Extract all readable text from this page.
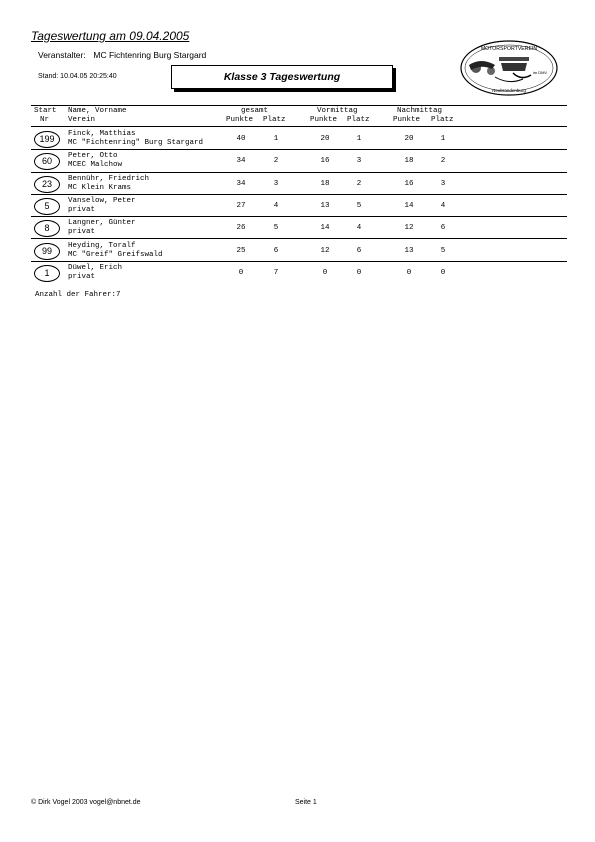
Tageswertung am 09.04.2005
Veranstalter: MC Fichtenring Burg Stargard
Stand: 10.04.05 20:25:40	Klasse 3 Tageswertung
MOTORSPORTVEREIN
Neubrandenburg
im DMV
Start
Nr
Name, Vorname
Verein
gesamt
Punkte Platz
Vormittag
Punkte Platz
Nachmittag
Punkte Platz
199	Finck, Matthias
MC "Fichtenring" Burg Stargard	40	1	20	1	20	1
60	Peter, Otto
MCEC Malchow	34	2	16	3	18	2
23	Bennühr, Friedrich
MC Klein Krams	34	3	18	2	16	3
5	Vanselow, Peter
privat	27	4	13	5	14	4
8	Langner, Günter
privat	26	5	14	4	12	6
99	Heyding, Toralf
MC "Greif" Greifswald	25	6	12	6	13	5
1	Düwel, Erich
privat	0	7	0	0	0	0
Anzahl der Fahrer:7
© Dirk Vogel 2003 vogel@nbnet.de	Seite 1
